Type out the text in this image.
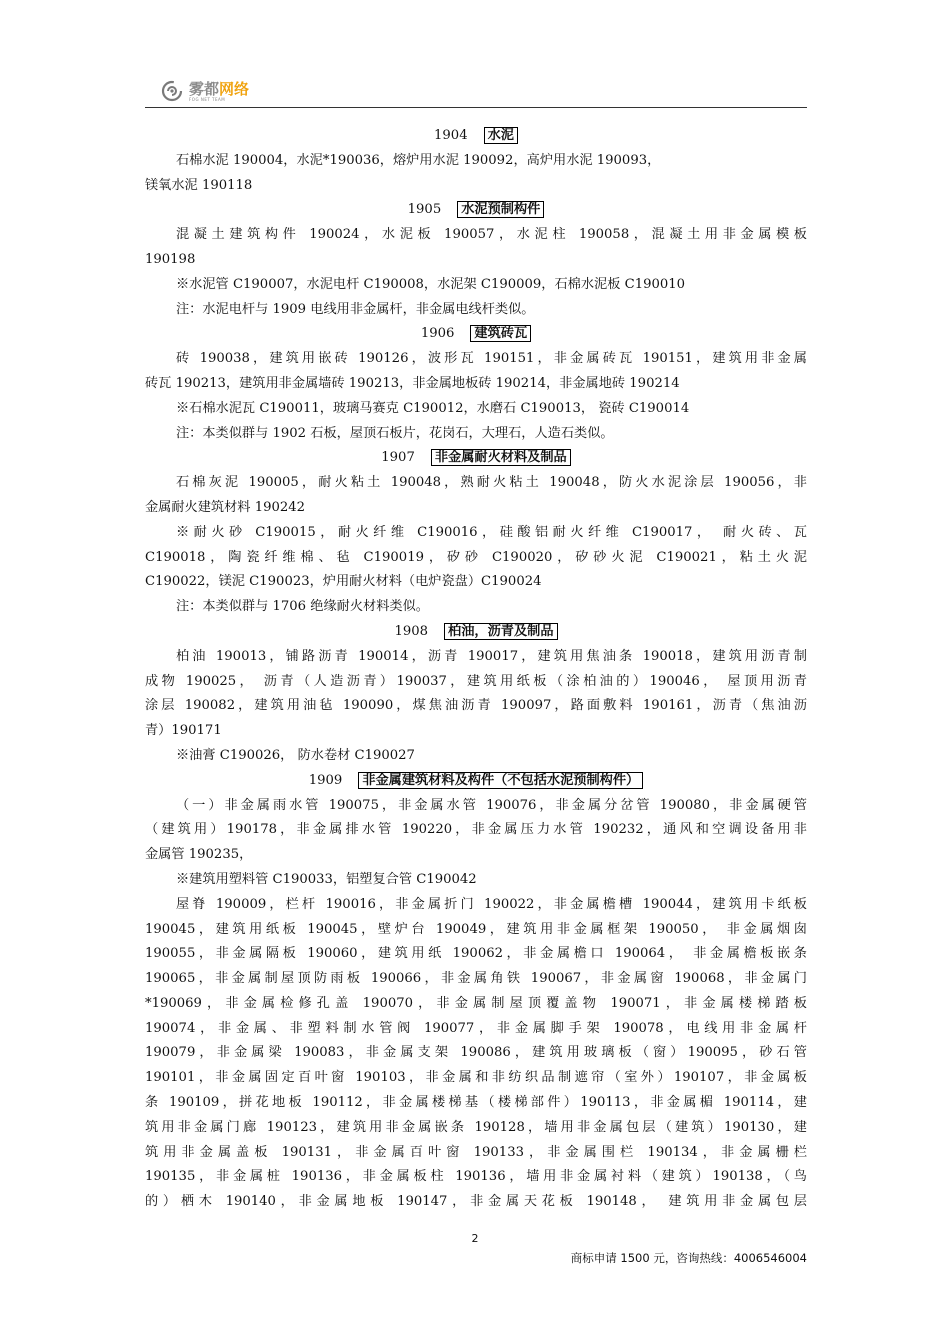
雾都网络
FOG NET TEAM
1904 水泥
石棉水泥 190004，水泥*190036，熔炉用水泥 190092，高炉用水泥 190093，
镁氧水泥 190118
1905 水泥预制构件
混凝土建筑构件 190024，水泥板 190057，水泥柱 190058，混凝土用非金属模板
190198
※水泥管 C190007，水泥电杆 C190008，水泥架 C190009，石棉水泥板 C190010
注：水泥电杆与 1909 电线用非金属杆，非金属电线杆类似。
1906 建筑砖瓦
砖 190038，建筑用嵌砖 190126，波形瓦 190151，非金属砖瓦 190151，建筑用非金属
砖瓦 190213，建筑用非金属墙砖 190213，非金属地板砖 190214，非金属地砖 190214
※石棉水泥瓦 C190011，玻璃马赛克 C190012，水磨石 C190013， 瓷砖 C190014
注：本类似群与 1902 石板，屋顶石板片，花岗石，大理石，人造石类似。
1907 非金属耐火材料及制品
石棉灰泥 190005，耐火粘土 190048，熟耐火粘土 190048，防火水泥涂层 190056，非
金属耐火建筑材料 190242
※耐火砂 C190015，耐火纤维 C190016，硅酸铝耐火纤维 C190017， 耐火砖、瓦
C190018，陶瓷纤维棉、毡 C190019，矽砂 C190020，矽砂火泥 C190021，粘土火泥
C190022，镁泥 C190023，炉用耐火材料（电炉瓷盘）C190024
注：本类似群与 1706 绝缘耐火材料类似。
1908 柏油，沥青及制品
柏油 190013，铺路沥青 190014，沥青 190017，建筑用焦油条 190018，建筑用沥青制
成物 190025， 沥青（人造沥青）190037，建筑用纸板（涂柏油的）190046， 屋顶用沥青
涂层 190082，建筑用油毡 190090，煤焦油沥青 190097，路面敷料 190161，沥青（焦油沥
青）190171
※油膏 C190026， 防水卷材 C190027
1909 非金属建筑材料及构件（不包括水泥预制构件）
（一）非金属雨水管 190075，非金属水管 190076，非金属分岔管 190080，非金属硬管
（建筑用）190178，非金属排水管 190220，非金属压力水管 190232，通风和空调设备用非
金属管 190235，
※建筑用塑料管 C190033，铝塑复合管 C190042
屋脊 190009，栏杆 190016，非金属折门 190022，非金属檐槽 190044，建筑用卡纸板
190045，建筑用纸板 190045，壁炉台 190049，建筑用非金属框架 190050， 非金属烟囱
190055，非金属隔板 190060，建筑用纸 190062，非金属檐口 190064， 非金属檐板嵌条
190065，非金属制屋顶防雨板 190066，非金属角铁 190067，非金属窗 190068，非金属门
*190069，非金属检修孔盖 190070，非金属制屋顶覆盖物 190071，非金属楼梯踏板
190074，非金属、非塑料制水管阀 190077，非金属脚手架 190078，电线用非金属杆
190079，非金属梁 190083，非金属支架 190086，建筑用玻璃板（窗）190095，砂石管
190101，非金属固定百叶窗 190103，非金属和非纺织品制遮帘（室外）190107，非金属板
条 190109，拼花地板 190112，非金属楼梯基（楼梯部件）190113，非金属楣 190114，建
筑用非金属门廊 190123，建筑用非金属嵌条 190128，墙用非金属包层（建筑）190130，建
筑用非金属盖板 190131，非金属百叶窗 190133，非金属围栏 190134，非金属栅栏
190135，非金属桩 190136，非金属板柱 190136，墙用非金属衬料（建筑）190138，（鸟
的）栖木 190140，非金属地板 190147，非金属天花板 190148， 建筑用非金属包层
2
商标申请 1500 元，咨询热线：4006546004
